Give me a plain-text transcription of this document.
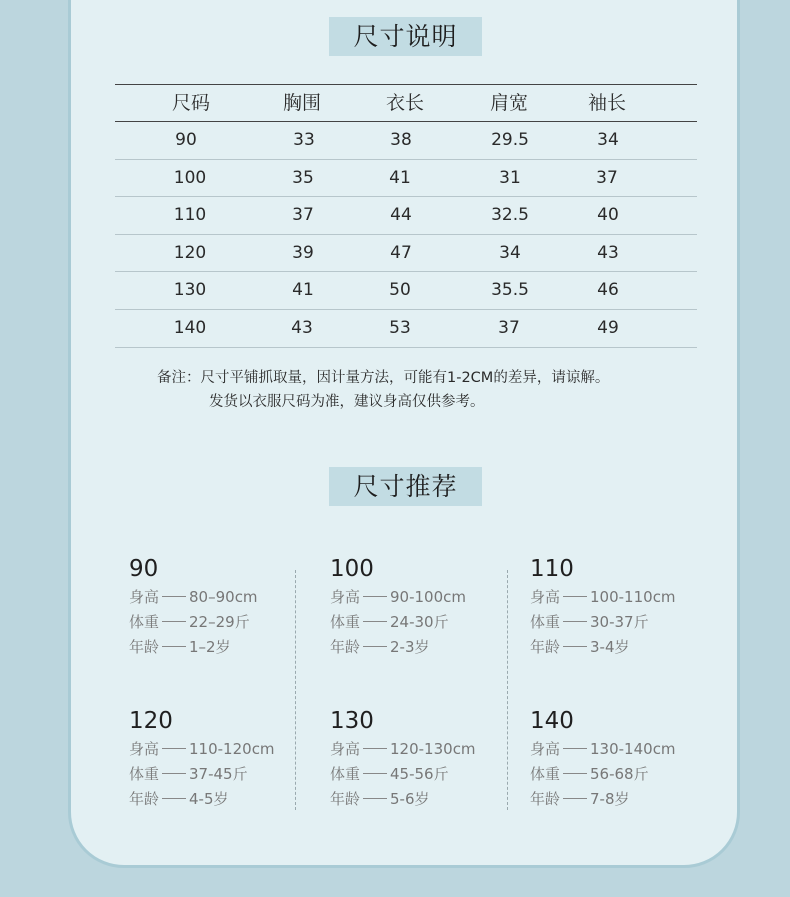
尺寸说明
尺码	胸围	衣长	肩宽	袖长
90	33	38	29.5	34
100	35	41	31	37
110	37	44	32.5	40
120	39	47	34	43
130	41	50	35.5	46
140	43	53	37	49
备注：尺寸平铺抓取量，因计量方法，可能有1-2CM的差异，请谅解。
发货以衣服尺码为准，建议身高仅供参考。
尺寸推荐
90
身高 80–90cm
体重 22–29斤
年龄 1–2岁
100
身高 90-100cm
体重 24-30斤
年龄 2-3岁
110
身高 100-110cm
体重 30-37斤
年龄 3-4岁
120
身高 110-120cm
体重 37-45斤
年龄 4-5岁
130
身高 120-130cm
体重 45-56斤
年龄 5-6岁
140
身高 130-140cm
体重 56-68斤
年龄 7-8岁
